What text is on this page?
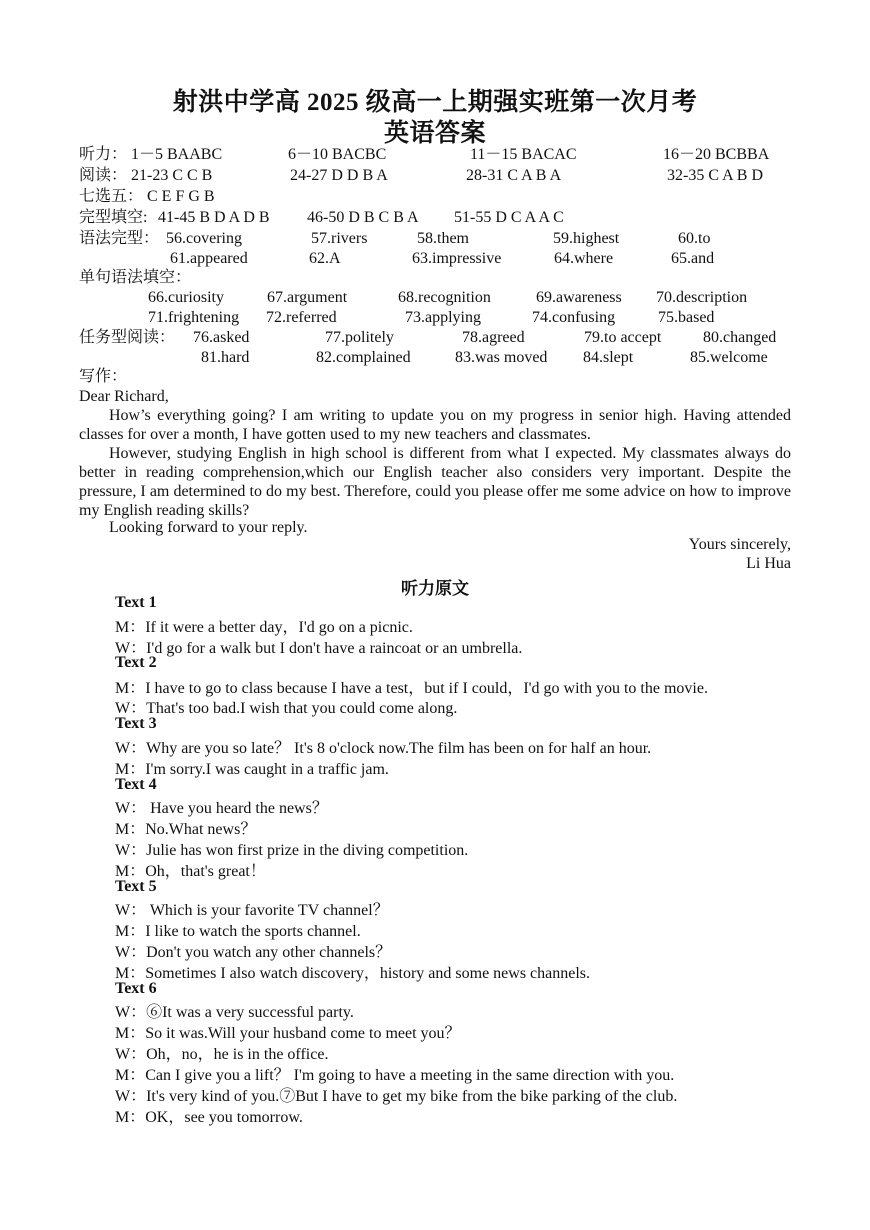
射洪中学高 2025 级高一上期强实班第一次月考
英语答案
听力： 1－5 BAABC	6－10 BACBC	11－15 BACAC	16－20 BCBBA
阅读： 21-23 C C B	24-27 D D B A	28-31 C A B A	32-35 C A B D
七选五： C E F G B
完型填空: 41-45 B D A D B 46-50 D B C B A 51-55 D C A A C
语法完型： 56.covering	57.rivers	58.them	59.highest	60.to
61.appeared	62.A	63.impressive	64.where	65.and
单句语法填空：
66.curiosity	67.argument	68.recognition	69.awareness 70.description
71.frightening 72.referred	73.applying	74.confusing	75.based
任务型阅读： 76.asked	77.politely	78.agreed	79.to accept	80.changed
81.hard	82.complained	83.was moved 84.slept	85.welcome
写作：
Dear Richard,
How’s everything going? I am writing to update you on my progress in senior high. Having attended classes for over a month, I have gotten used to my new teachers and classmates.
However, studying English in high school is different from what I expected. My classmates always do better in reading comprehension,which our English teacher also considers very important. Despite the pressure, I am determined to do my best. Therefore, could you please offer me some advice on how to improve my English reading skills?
Looking forward to your reply.
Yours sincerely,
Li Hua
听力原文
Text 1
M：If it were a better day，I'd go on a picnic.
W：I'd go for a walk but I don't have a raincoat or an umbrella.
Text 2
M：I have to go to class because I have a test，but if I could，I'd go with you to the movie.
W：That's too bad.I wish that you could come along.
Text 3
W：Why are you so late？ It's 8 o'clock now.The film has been on for half an hour.
M：I'm sorry.I was caught in a traffic jam.
Text 4
W： Have you heard the news？
M：No.What news？
W：Julie has won first prize in the diving competition.
M：Oh，that's great！
Text 5
W： Which is your favorite TV channel？
M：I like to watch the sports channel.
W：Don't you watch any other channels？
M：Sometimes I also watch discovery，history and some news channels.
Text 6
W：⑥It was a very successful party.
M：So it was.Will your husband come to meet you？
W：Oh，no，he is in the office.
M：Can I give you a lift？ I'm going to have a meeting in the same direction with you.
W：It's very kind of you.⑦But I have to get my bike from the bike parking of the club.
M：OK，see you tomorrow.
